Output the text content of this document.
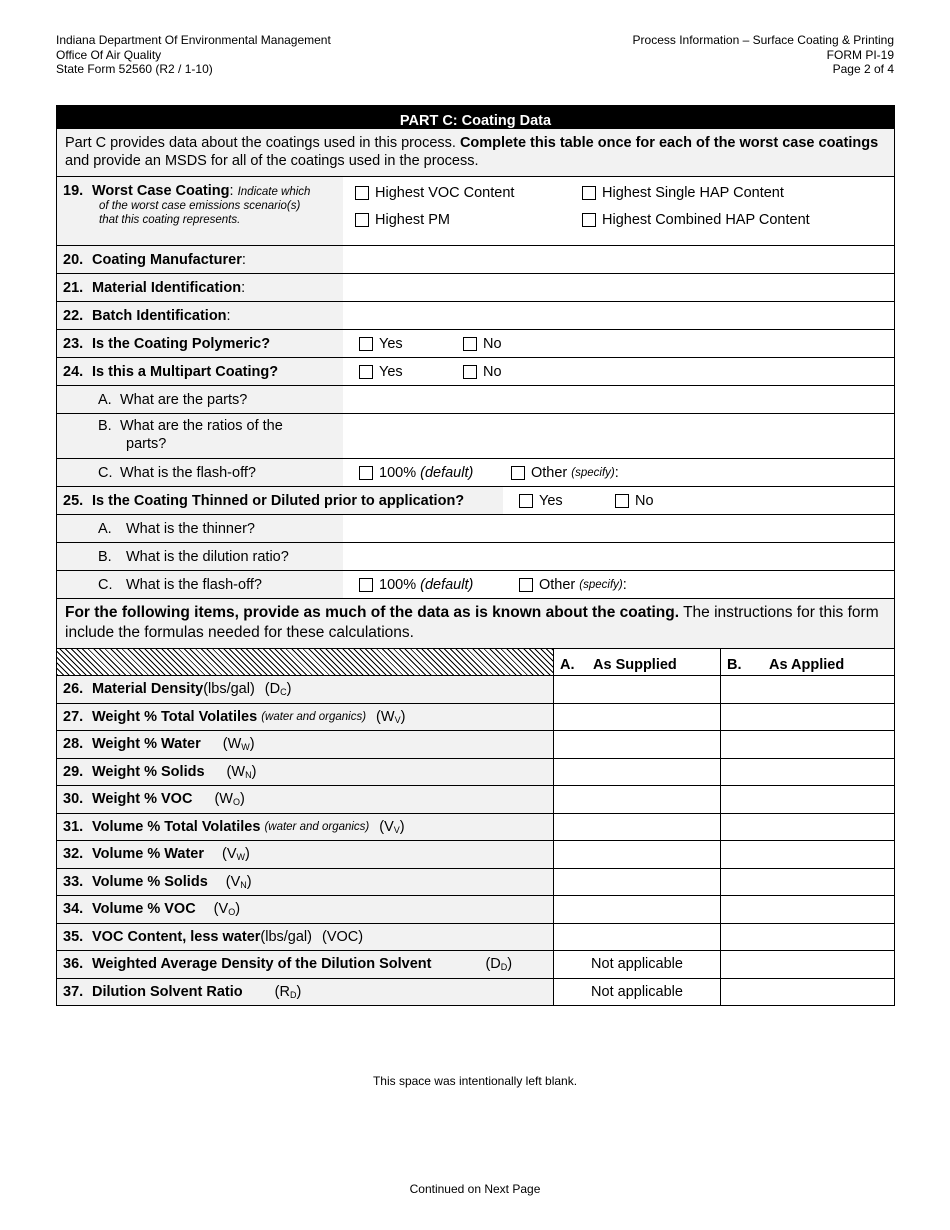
Indiana Department Of Environmental Management
Office Of Air Quality
State Form 52560 (R2 / 1-10)
Process Information – Surface Coating & Printing
FORM PI-19
Page 2 of 4
PART C: Coating Data
Part C provides data about the coatings used in this process. Complete this table once for each of the worst case coatings and provide an MSDS for all of the coatings used in the process.
19. Worst Case Coating: Indicate which
of the worst case emissions scenario(s)
that this coating represents.
Highest VOC Content	Highest Single HAP Content
Highest PM	Highest Combined HAP Content
20. Coating Manufacturer :
21. Material Identification :
22. Batch Identification :
23. Is the Coating Polymeric?	Yes	No
24. Is this a Multipart Coating?	Yes	No
A. What are the parts?
B. What are the ratios of the
parts?
C. What is the flash-off?	100%
(default)	Other
(specify) :
25. Is the Coating Thinned or Diluted prior to application?	Yes	No
A. What is the thinner?
B. What is the dilution ratio?
C. What is the flash-off?	100%
(default)	Other
(specify) :
For the following items, provide as much of the data as is known about the coating. The instructions for this form include the formulas needed for these calculations.
A.	As Supplied	B.	As Applied
26. Material Density (lbs/gal) $(D_C)$
27. Weight % Total Volatiles
(water and organics) $(W_V)$
28. Weight % Water $(W_W)$
29. Weight % Solids $(W_N)$
30. Weight % VOC $(W_O)$
31. Volume % Total Volatiles
(water and organics) $(V_V)$
32. Volume % Water $(V_W)$
33. Volume % Solids $(V_N)$
34. Volume % VOC $(V_O)$
35. VOC Content, less water (lbs/gal) (VOC)
36. Weighted Average Density of the Dilution Solvent	$(D_D)$	Not applicable
37. Dilution Solvent Ratio $(R_D)$	Not applicable
This space was intentionally left blank.
Continued on Next Page
